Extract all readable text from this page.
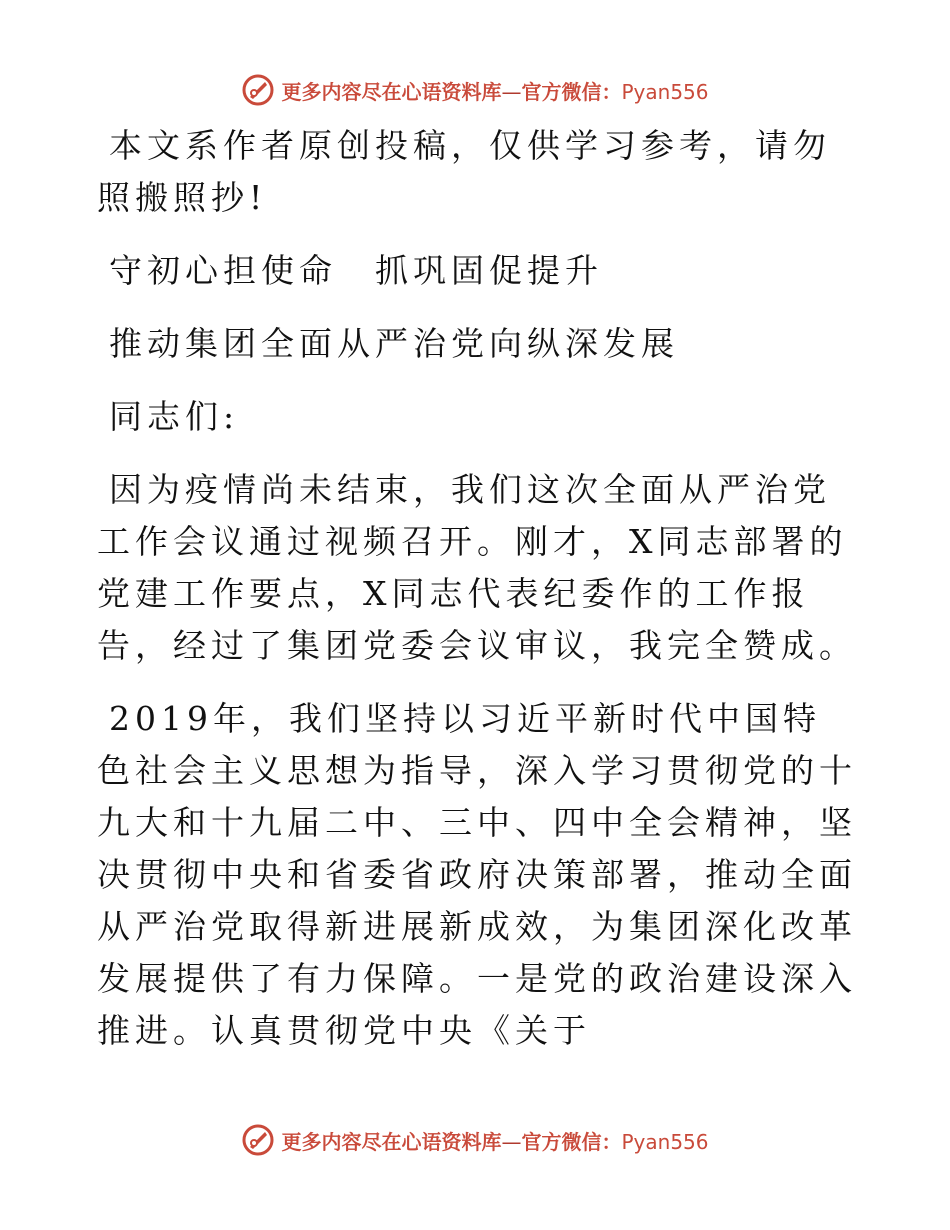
更多内容尽在心语资料库—官方微信：Pyan556

本文系作者原创投稿，仅供学习参考，请勿照搬照抄!

守初心担使命　抓巩固促提升

推动集团全面从严治党向纵深发展

同志们:

因为疫情尚未结束，我们这次全面从严治党工作会议通过视频召开。刚才，X同志部署的党建工作要点，X同志代表纪委作的工作报告，经过了集团党委会议审议，我完全赞成。

2019年，我们坚持以习近平新时代中国特色社会主义思想为指导，深入学习贯彻党的十九大和十九届二中、三中、四中全会精神，坚决贯彻中央和省委省政府决策部署，推动全面从严治党取得新进展新成效，为集团深化改革发展提供了有力保障。一是党的政治建设深入推进。认真贯彻党中央《关于

更多内容尽在心语资料库—官方微信：Pyan556
